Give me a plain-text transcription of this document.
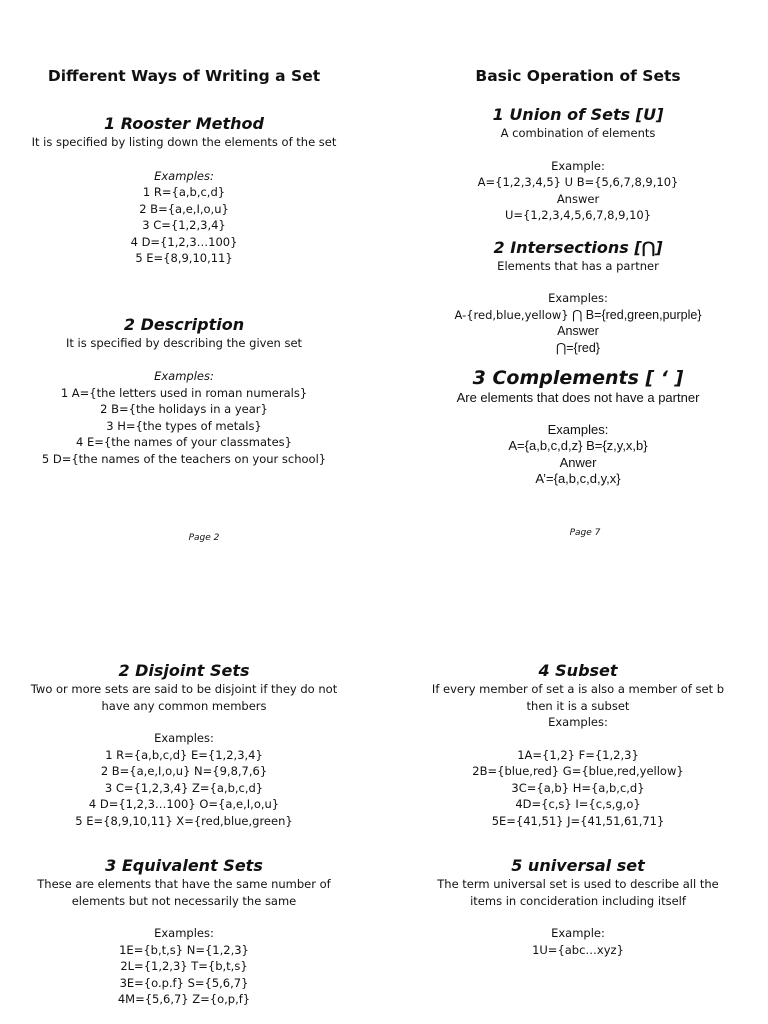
Different Ways of Writing a Set
1 Rooster Method
It is specified by listing down the elements of the set
Examples:
1 R={a,b,c,d}
2 B={a,e,I,o,u}
3 C={1,2,3,4}
4 D={1,2,3…100}
5 E={8,9,10,11}
2 Description
It is specified by describing the given set
Examples:
1 A={the letters used in roman numerals}
2 B={the holidays in a year}
3 H={the types of metals}
4 E={the names of your classmates}
5 D={the names of the teachers on your school}
Page 2
Basic Operation of Sets
1 Union of Sets [U]
A combination of elements
Example:
A={1,2,3,4,5} U B={5,6,7,8,9,10}
Answer
U={1,2,3,4,5,6,7,8,9,10}
2 Intersections [⋂]
Elements that has a partner
Examples:
A-{red,blue,yellow} ⋂ B={red,green,purple}
Answer
⋂={red}
3 Complements [ ‘ ]
Are elements that does not have a partner
Examples:
A={a,b,c,d,z} B={z,y,x,b}
Anwer
A’={a,b,c,d,y,x}
Page 7
2 Disjoint Sets
Two or more sets are said to be disjoint if they do not
have any common members
Examples:
1 R={a,b,c,d} E={1,2,3,4}
2 B={a,e,I,o,u} N={9,8,7,6}
3 C={1,2,3,4} Z={a,b,c,d}
4 D={1,2,3…100} O={a,e,I,o,u}
5 E={8,9,10,11} X={red,blue,green}
3 Equivalent Sets
These are elements that have the same number of
elements but not necessarily the same
Examples:
1E={b,t,s} N={1,2,3}
2L={1,2,3} T={b,t,s}
3E={o.p.f} S={5,6,7}
4M={5,6,7} Z={o,p,f}
4 Subset
If every member of set a is also a member of set b
then it is a subset
Examples:
1A={1,2} F={1,2,3}
2B={blue,red} G={blue,red,yellow}
3C={a,b} H={a,b,c,d}
4D={c,s} I={c,s,g,o}
5E={41,51} J={41,51,61,71}
5 universal set
The term universal set is used to describe all the
items in concideration including itself
Example:
1U={abc…xyz}
